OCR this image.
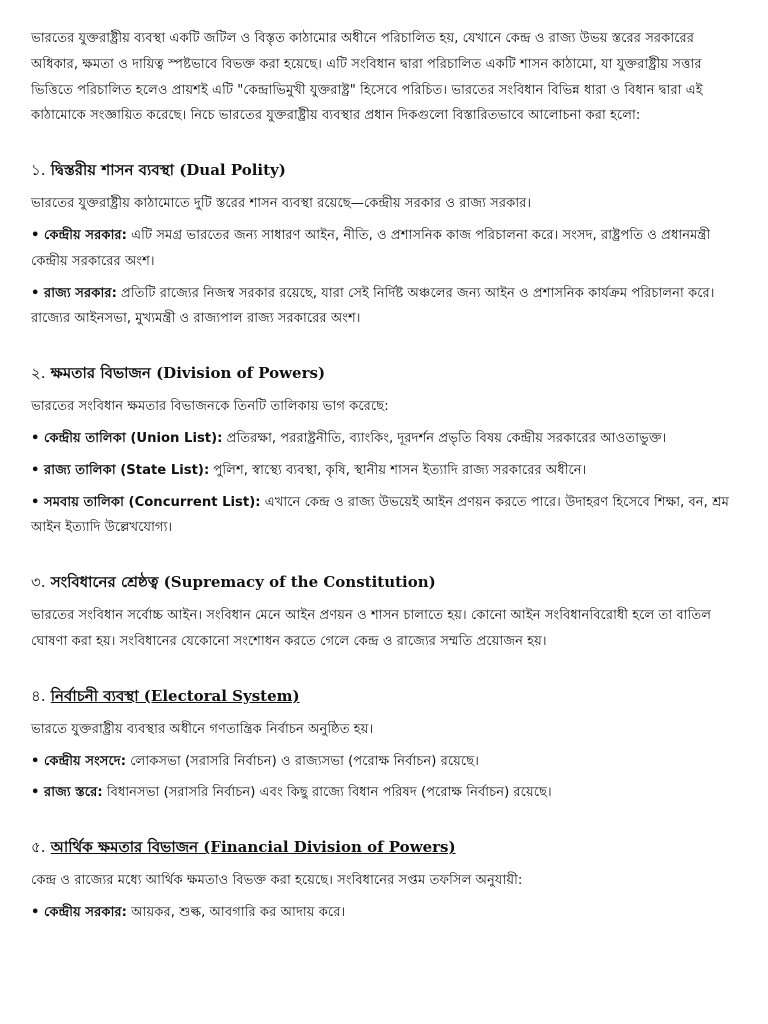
ভারতের যুক্তরাষ্ট্রীয় ব্যবস্থা একটি জটিল ও বিস্তৃত কাঠামোর অধীনে পরিচালিত হয়, যেখানে কেন্দ্র ও রাজ্য উভয় স্তরের সরকারের অধিকার, ক্ষমতা ও দায়িত্ব স্পষ্টভাবে বিভক্ত করা হয়েছে। এটি সংবিধান দ্বারা পরিচালিত একটি শাসন কাঠামো, যা যুক্তরাষ্ট্রীয় সত্তার ভিত্তিতে পরিচালিত হলেও প্রায়শই এটি "কেন্দ্রাভিমুখী যুক্তরাষ্ট্র" হিসেবে পরিচিত। ভারতের সংবিধান বিভিন্ন ধারা ও বিধান দ্বারা এই কাঠামোকে সংজ্ঞায়িত করেছে। নিচে ভারতের যুক্তরাষ্ট্রীয় ব্যবস্থার প্রধান দিকগুলো বিস্তারিতভাবে আলোচনা করা হলো:

১. দ্বিস্তরীয় শাসন ব্যবস্থা (Dual Polity)

ভারতের যুক্তরাষ্ট্রীয় কাঠামোতে দুটি স্তরের শাসন ব্যবস্থা রয়েছে—কেন্দ্রীয় সরকার ও রাজ্য সরকার।

• কেন্দ্রীয় সরকার: এটি সমগ্র ভারতের জন্য সাধারণ আইন, নীতি, ও প্রশাসনিক কাজ পরিচালনা করে। সংসদ, রাষ্ট্রপতি ও প্রধানমন্ত্রী কেন্দ্রীয় সরকারের অংশ।

• রাজ্য সরকার: প্রতিটি রাজ্যের নিজস্ব সরকার রয়েছে, যারা সেই নির্দিষ্ট অঞ্চলের জন্য আইন ও প্রশাসনিক কার্যক্রম পরিচালনা করে। রাজ্যের আইনসভা, মুখ্যমন্ত্রী ও রাজ্যপাল রাজ্য সরকারের অংশ।

২. ক্ষমতার বিভাজন (Division of Powers)

ভারতের সংবিধান ক্ষমতার বিভাজনকে তিনটি তালিকায় ভাগ করেছে:

• কেন্দ্রীয় তালিকা (Union List): প্রতিরক্ষা, পররাষ্ট্রনীতি, ব্যাংকিং, দূরদর্শন প্রভৃতি বিষয় কেন্দ্রীয় সরকারের আওতাভুক্ত।

• রাজ্য তালিকা (State List): পুলিশ, স্বাস্থ্যে ব্যবস্থা, কৃষি, স্থানীয় শাসন ইত্যাদি রাজ্য সরকারের অধীনে।

• সমবায় তালিকা (Concurrent List): এখানে কেন্দ্র ও রাজ্য উভয়েই আইন প্রণয়ন করতে পারে। উদাহরণ হিসেবে শিক্ষা, বন, শ্রম আইন ইত্যাদি উল্লেখযোগ্য।

৩. সংবিধানের শ্রেষ্ঠত্ব (Supremacy of the Constitution)

ভারতের সংবিধান সর্বোচ্চ আইন। সংবিধান মেনে আইন প্রণয়ন ও শাসন চালাতে হয়। কোনো আইন সংবিধানবিরোধী হলে তা বাতিল ঘোষণা করা হয়। সংবিধানের যেকোনো সংশোধন করতে গেলে কেন্দ্র ও রাজ্যের সম্মতি প্রয়োজন হয়।

৪. নির্বাচনী ব্যবস্থা (Electoral System)

ভারতে যুক্তরাষ্ট্রীয় ব্যবস্থার অধীনে গণতান্ত্রিক নির্বাচন অনুষ্ঠিত হয়।

• কেন্দ্রীয় সংসদে: লোকসভা (সরাসরি নির্বাচন) ও রাজ্যসভা (পরোক্ষ নির্বাচন) রয়েছে।

• রাজ্য স্তরে: বিধানসভা (সরাসরি নির্বাচন) এবং কিছু রাজ্যে বিধান পরিষদ (পরোক্ষ নির্বাচন) রয়েছে।

৫. আর্থিক ক্ষমতার বিভাজন (Financial Division of Powers)

কেন্দ্র ও রাজ্যের মধ্যে আর্থিক ক্ষমতাও বিভক্ত করা হয়েছে। সংবিধানের সপ্তম তফসিল অনুযায়ী:

• কেন্দ্রীয় সরকার: আয়কর, শুল্ক, আবগারি কর আদায় করে।
